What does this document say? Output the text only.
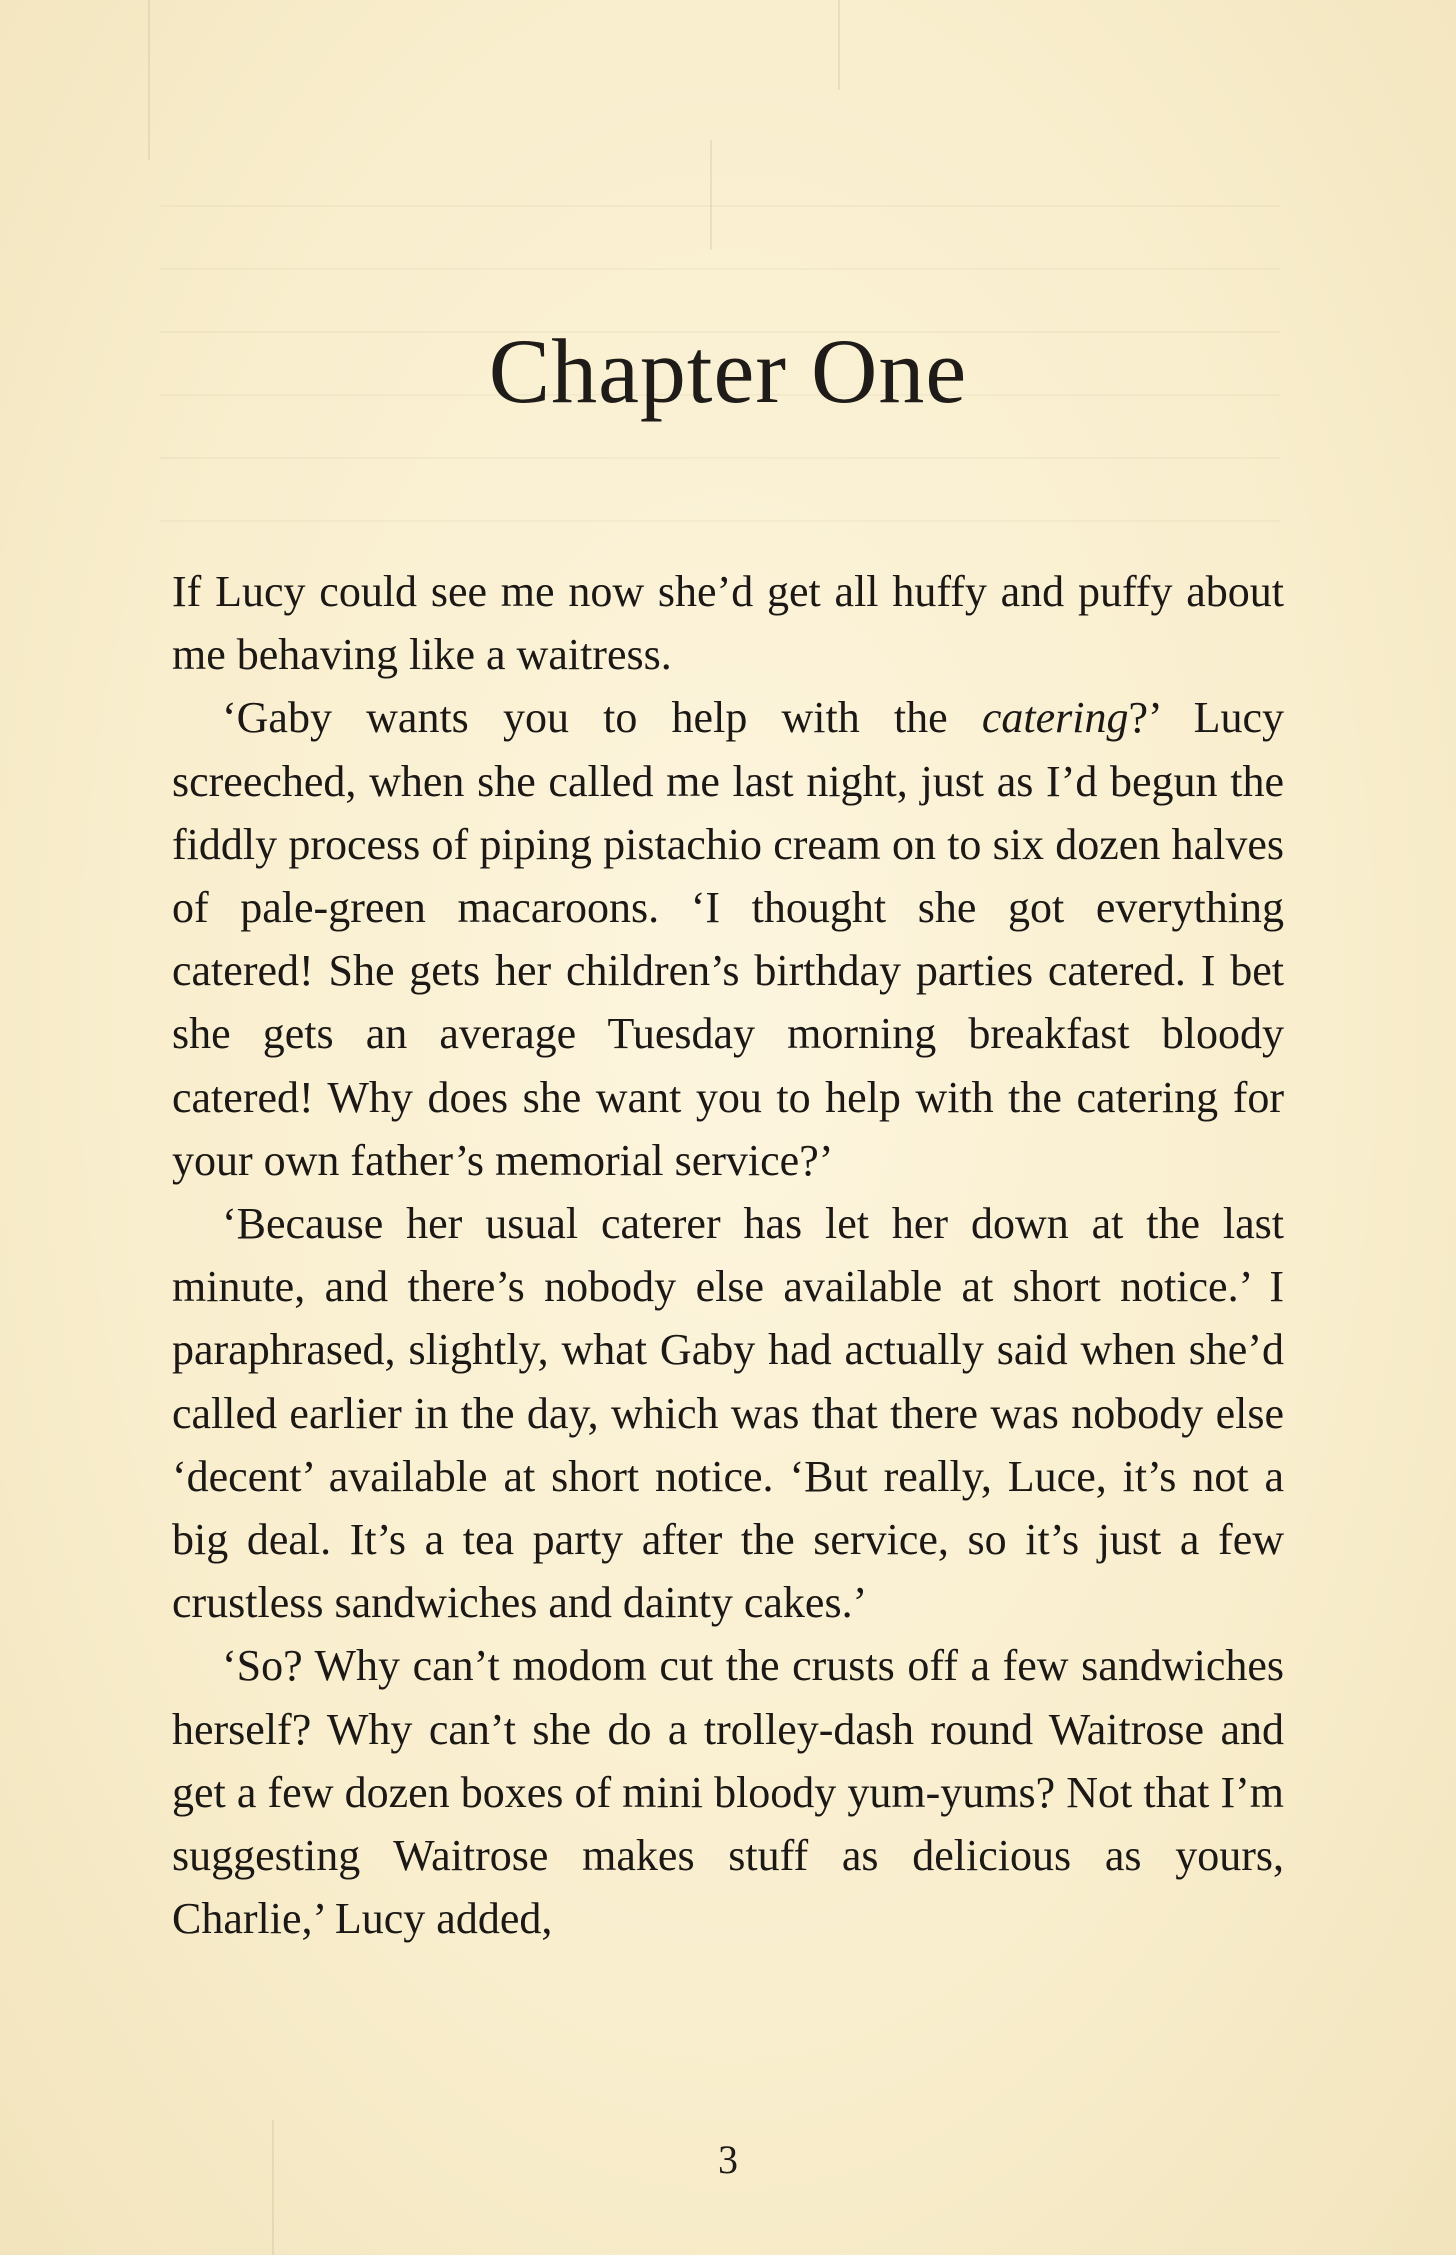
Chapter One

If Lucy could see me now she’d get all huffy and puffy about me behaving like a waitress.

‘Gaby wants you to help with the catering?’ Lucy screeched, when she called me last night, just as I’d begun the fiddly process of piping pistachio cream on to six dozen halves of pale-green macaroons. ‘I thought she got everything catered! She gets her children’s birthday parties catered. I bet she gets an average Tuesday morning breakfast bloody catered! Why does she want you to help with the catering for your own father’s memorial service?’

‘Because her usual caterer has let her down at the last minute, and there’s nobody else available at short notice.’ I paraphrased, slightly, what Gaby had actually said when she’d called earlier in the day, which was that there was nobody else ‘decent’ available at short notice. ‘But really, Luce, it’s not a big deal. It’s a tea party after the service, so it’s just a few crustless sandwiches and dainty cakes.’

‘So? Why can’t modom cut the crusts off a few sandwiches herself? Why can’t she do a trolley-dash round Waitrose and get a few dozen boxes of mini bloody yum-yums? Not that I’m suggesting Waitrose makes stuff as delicious as yours, Charlie,’ Lucy added,

3
